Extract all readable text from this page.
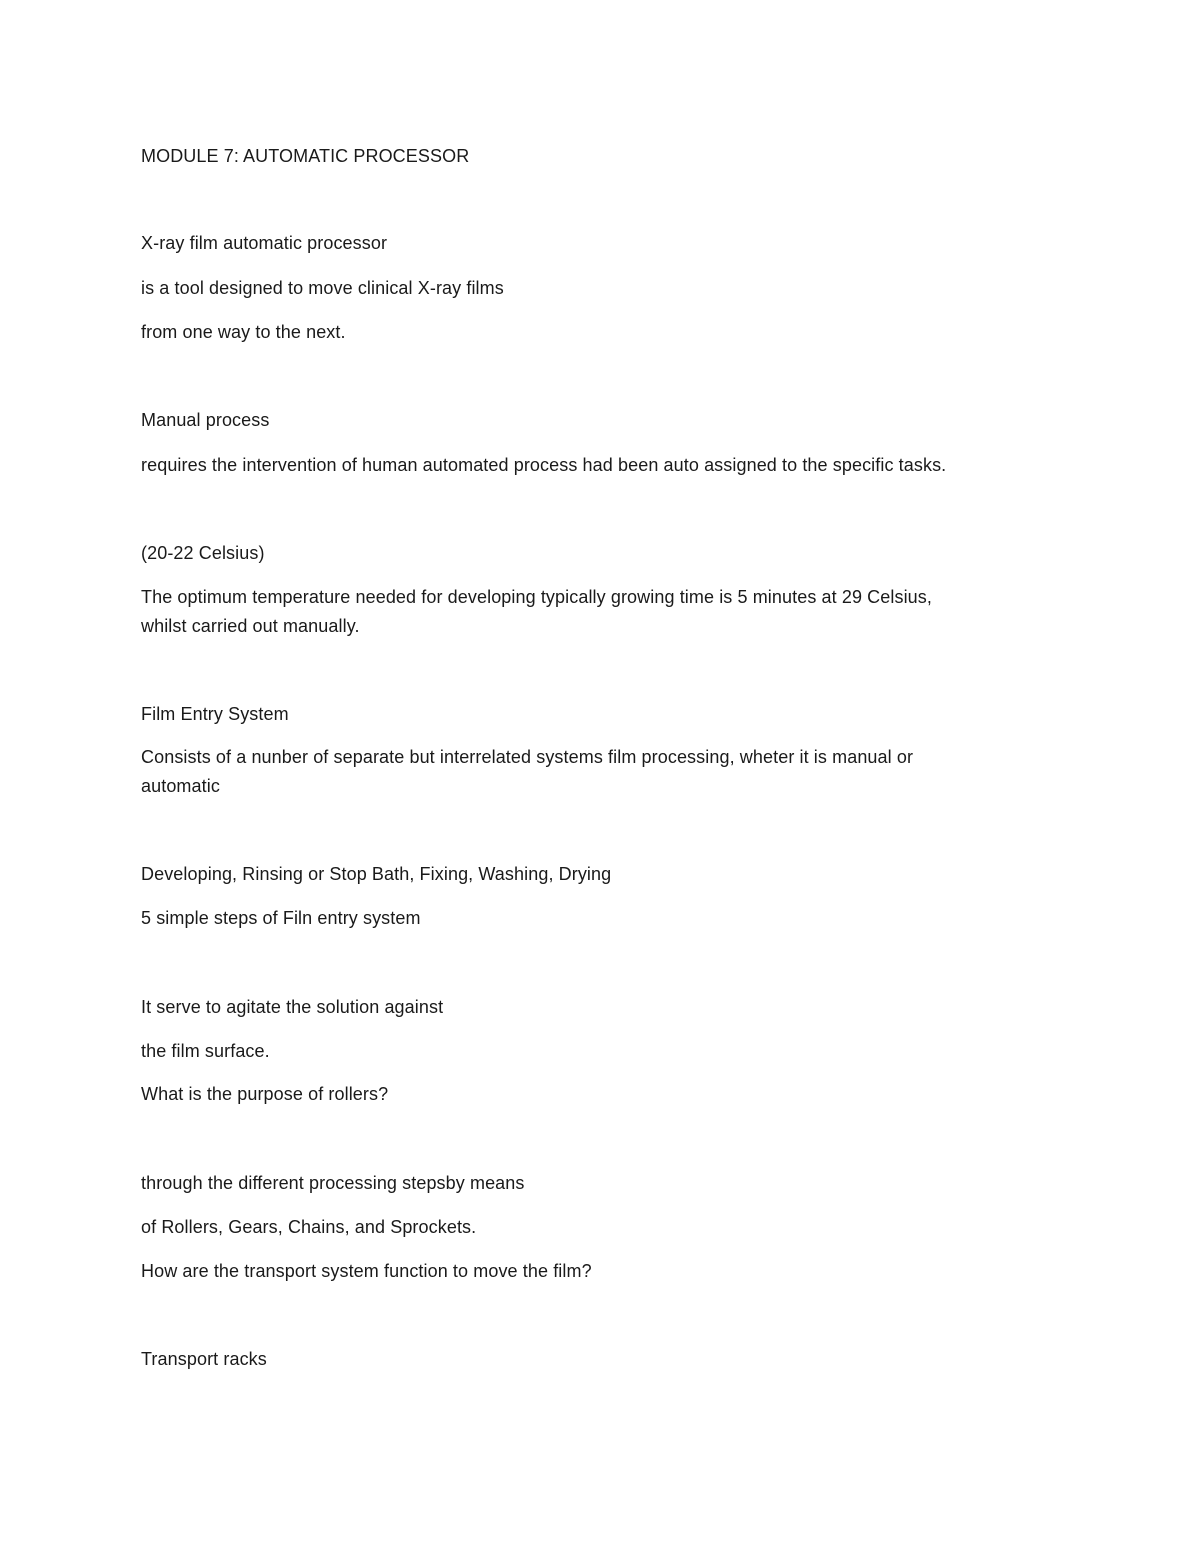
MODULE 7: AUTOMATIC PROCESSOR
X-ray film automatic processor
is a tool designed to move clinical X-ray films
from one way to the next.
Manual process
requires the intervention of human automated process had been auto assigned to the specific tasks.
(20-22 Celsius)
The optimum temperature needed for developing typically growing time is 5 minutes at 29 Celsius,
whilst carried out manually.
Film Entry System
Consists of a nunber of separate but interrelated systems film processing, wheter it is manual or
automatic
Developing, Rinsing or Stop Bath, Fixing, Washing, Drying
5 simple steps of Filn entry system
It serve to agitate the solution against
the film surface.
What is the purpose of rollers?
through the different processing stepsby means
of Rollers, Gears, Chains, and Sprockets.
How are the transport system function to move the film?
Transport racks
